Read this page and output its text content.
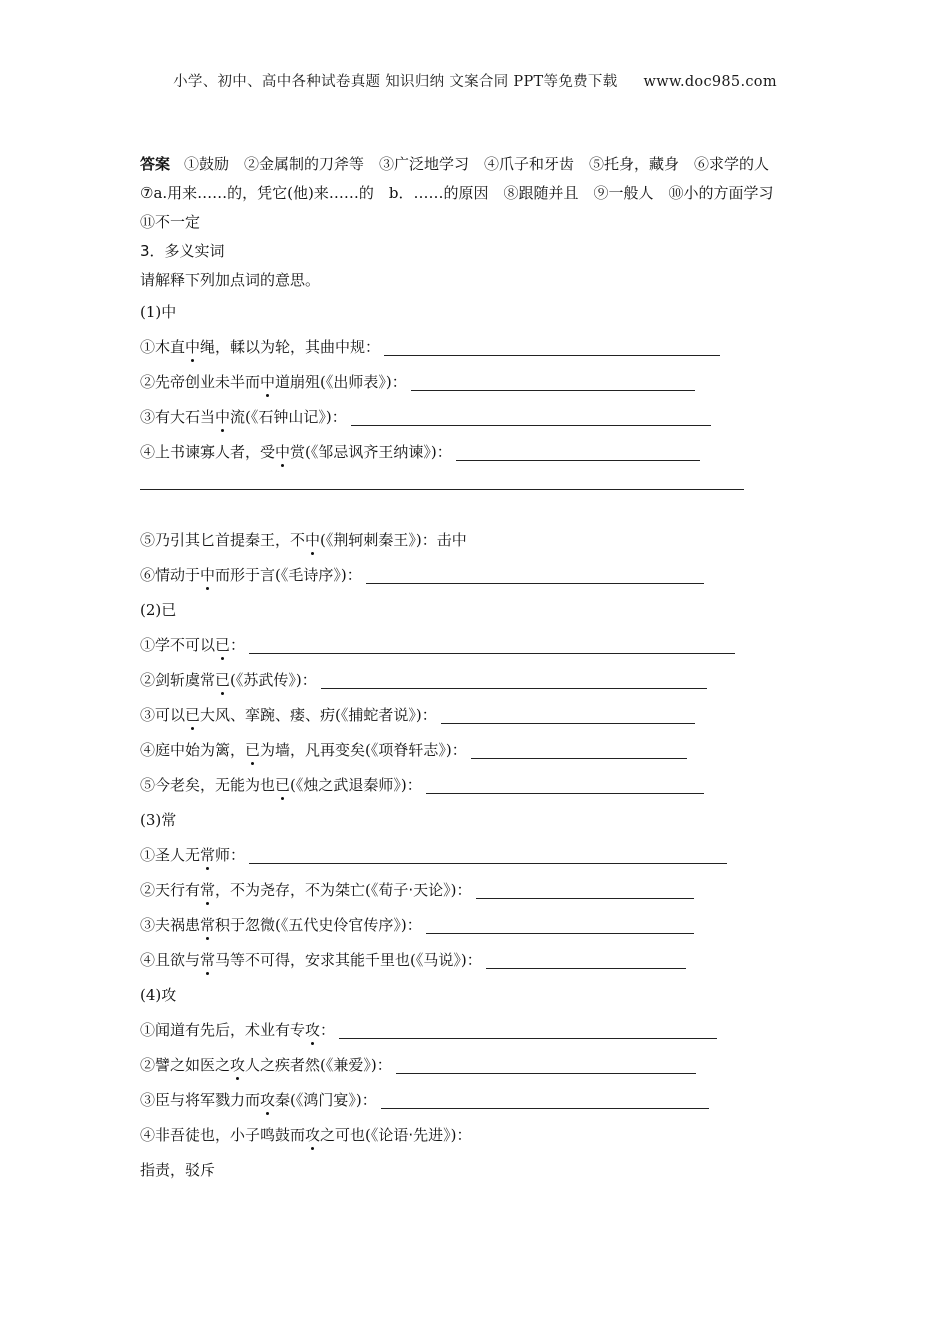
小学、初中、高中各种试卷真题 知识归纳 文案合同 PPT等免费下载 www.doc985.com
答案 ①鼓励　②金属制的刀斧等　③广泛地学习　④爪子和牙齿　⑤托身，藏身　⑥求学的人
⑦a.用来……的，凭它(他)来……的　b．……的原因　⑧跟随并且　⑨一般人　⑩小的方面学习
⑪不一定
3．多义实词
请解释下列加点词的意思。
(1)中
①木直中绳，輮以为轮，其曲中规：
②先帝创业未半而中道崩殂(《出师表》)：
③有大石当中流(《石钟山记》)：
④上书谏寡人者，受中赏(《邹忌讽齐王纳谏》)：
⑤乃引其匕首提秦王，不中(《荆轲刺秦王》)：击中
⑥情动于中而形于言(《毛诗序》)：
(2)已
①学不可以已：
②剑斩虞常已(《苏武传》)：
③可以已大风、挛踠、瘘、疠(《捕蛇者说》)：
④庭中始为篱，已为墙，凡再变矣(《项脊轩志》)：
⑤今老矣，无能为也已(《烛之武退秦师》)：
(3)常
①圣人无常师：
②天行有常，不为尧存，不为桀亡(《荀子·天论》)：
③夫祸患常积于忽微(《五代史伶官传序》)：
④且欲与常马等不可得，安求其能千里也(《马说》)：
(4)攻
①闻道有先后，术业有专攻：
②譬之如医之攻人之疾者然(《兼爱》)：
③臣与将军戮力而攻秦(《鸿门宴》)：
④非吾徒也，小子鸣鼓而攻之可也(《论语·先进》)：
指责，驳斥
